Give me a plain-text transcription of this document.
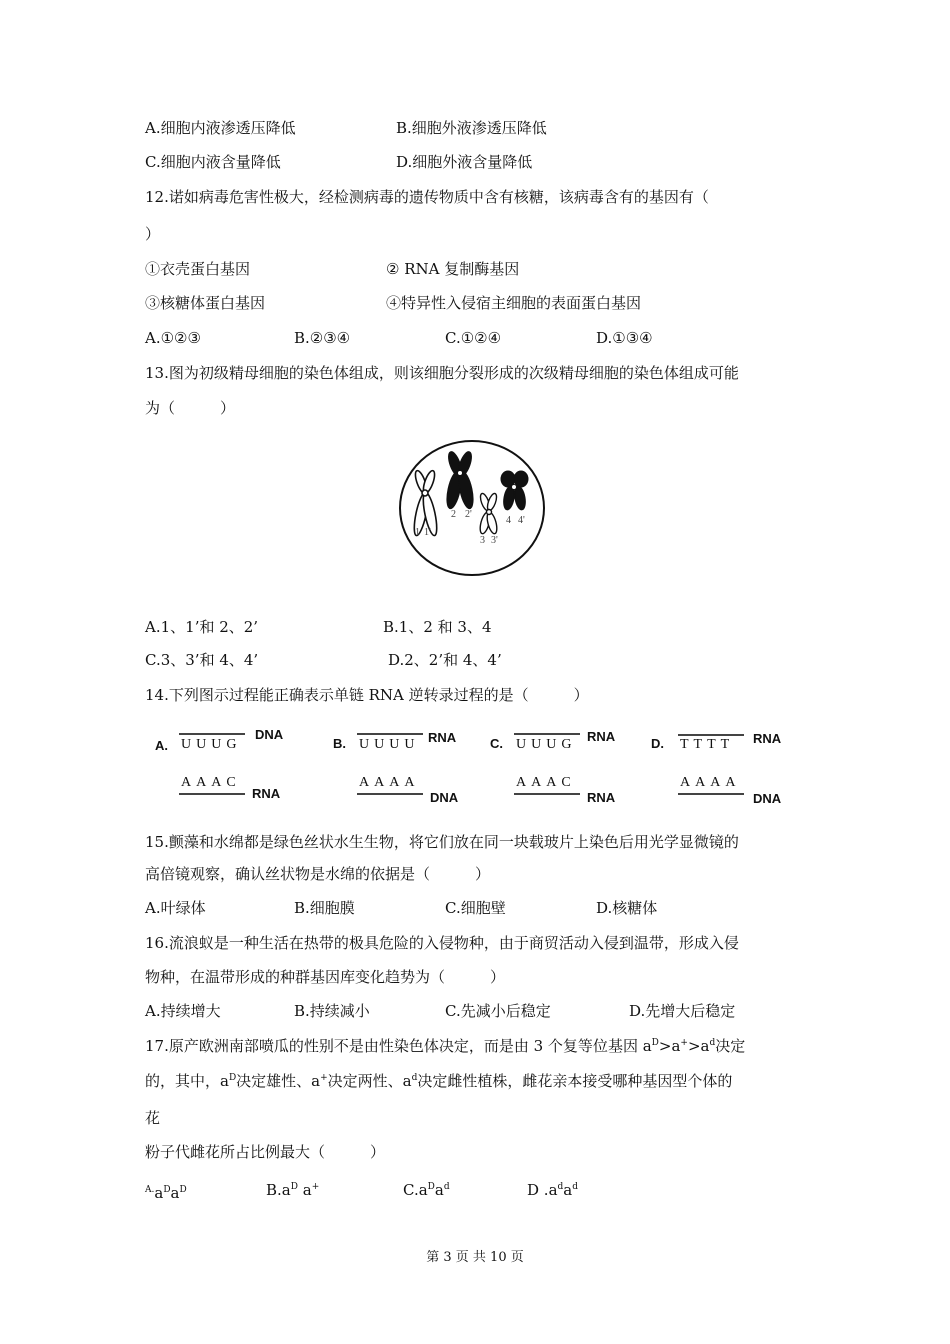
A.细胞内液渗透压降低	B.细胞外液渗透压降低
C.细胞内液含量降低	D.细胞外液含量降低
12.诺如病毒危害性极大，经检测病毒的遗传物质中含有核糖，该病毒含有的基因有（
）
①衣壳蛋白基因	② RNA 复制酶基因
③核糖体蛋白基因	④特异性入侵宿主细胞的表面蛋白基因
A.①②③	B.②③④	C.①②④	D.①③④
13.图为初级精母细胞的染色体组成，则该细胞分裂形成的次级精母细胞的染色体组成可能
为（　　　）
1 1'
2 2'
3 3'
4 4'
A.1、1’和 2、2’	B.1、2 和 3、4
C.3、3’和 4、4’	D.2、2’和 4、4’
14.下列图示过程能正确表示单链 RNA 逆转录过程的是（　　　）
A. UUUG
DNA
AAAC
RNA
B. UUUU RNA
AAAA
DNA
C. UUUG
RNA
AAAC
RNA
D. TTTT RNA
AAAA
DNA
15.颤藻和水绵都是绿色丝状水生生物，将它们放在同一块载玻片上染色后用光学显微镜的
高倍镜观察，确认丝状物是水绵的依据是（　　　）
A.叶绿体	B.细胞膜	C.细胞壁	D.核糖体
16.流浪蚁是一种生活在热带的极具危险的入侵物种，由于商贸活动入侵到温带，形成入侵
物种，在温带形成的种群基因库变化趋势为（　　　）
A.持续增大	B.持续减小	C.先减小后稳定	D.先增大后稳定
17.原产欧洲南部喷瓜的性别不是由性染色体决定，而是由 3 个复等位基因 $a^D>a^+>a^d$决定
的，其中，$a^D$决定雄性、a+决定两性、$a^d$决定雌性植株，雌花亲本接受哪种基因型个体的
花
粉子代雌花所占比例最大（　　　）
$^{A.}a^Da^D$	$B.a^D$ a+	$C.a^Da^d$	D $.a^da^d$
第 3 页 共 10 页
